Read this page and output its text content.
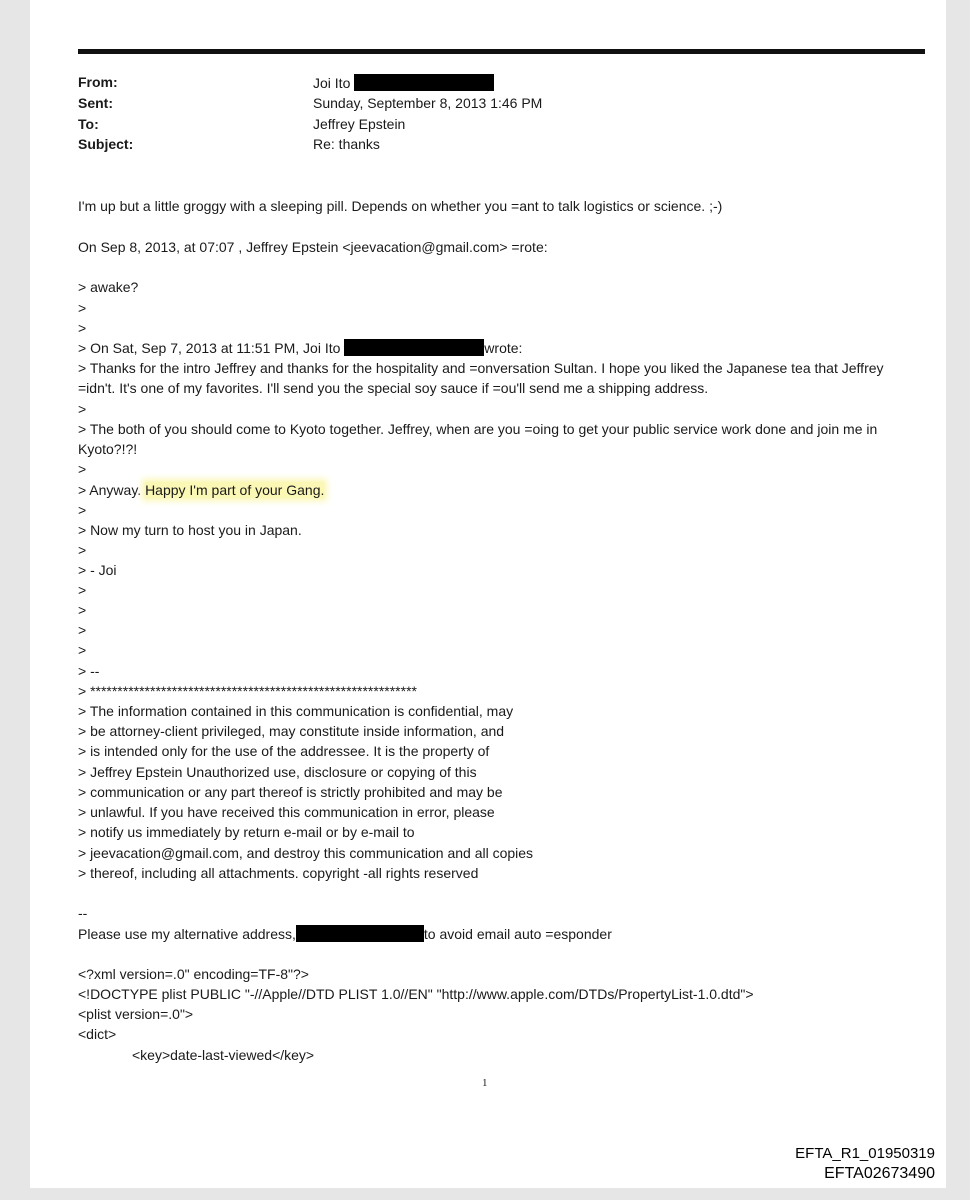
From:	Joi Ito
Sent:	Sunday, September 8, 2013 1:46 PM
To:	Jeffrey Epstein
Subject:	Re: thanks
I'm up but a little groggy with a sleeping pill. Depends on whether you =ant to talk logistics or science. ;-)
On Sep 8, 2013, at 07:07 , Jeffrey Epstein <jeevacation@gmail.com> =rote:
> awake?
>
>
> On Sat, Sep 7, 2013 at 11:51 PM, Joi Ito	wrote:
> Thanks for the intro Jeffrey and thanks for the hospitality and =onversation Sultan. I hope you liked the Japanese tea that Jeffrey =idn't. It's one of my favorites. I'll send you the special soy sauce if =ou'll send me a shipping address.
>
> The both of you should come to Kyoto together. Jeffrey, when are you =oing to get your public service work done and join me in Kyoto?!?!
>
> Anyway. Happy I'm part of your Gang.
>
> Now my turn to host you in Japan.
>
> - Joi
>
>
>
>
> --
> ************************************************************
> The information contained in this communication is confidential, may
> be attorney-client privileged, may constitute inside information, and
> is intended only for the use of the addressee. It is the property of
> Jeffrey Epstein Unauthorized use, disclosure or copying of this
> communication or any part thereof is strictly prohibited and may be
> unlawful. If you have received this communication in error, please
> notify us immediately by return e-mail or by e-mail to
> jeevacation@gmail.com, and destroy this communication and all copies
> thereof, including all attachments. copyright -all rights reserved
--
Please use my alternative address,	to avoid email auto =esponder
<?xml version=.0" encoding=TF-8"?>
<!DOCTYPE plist PUBLIC "-//Apple//DTD PLIST 1.0//EN" "http://www.apple.com/DTDs/PropertyList-1.0.dtd">
<plist version=.0">
<dict>
<key>date-last-viewed</key>
1
EFTA_R1_01950319
EFTA02673490
